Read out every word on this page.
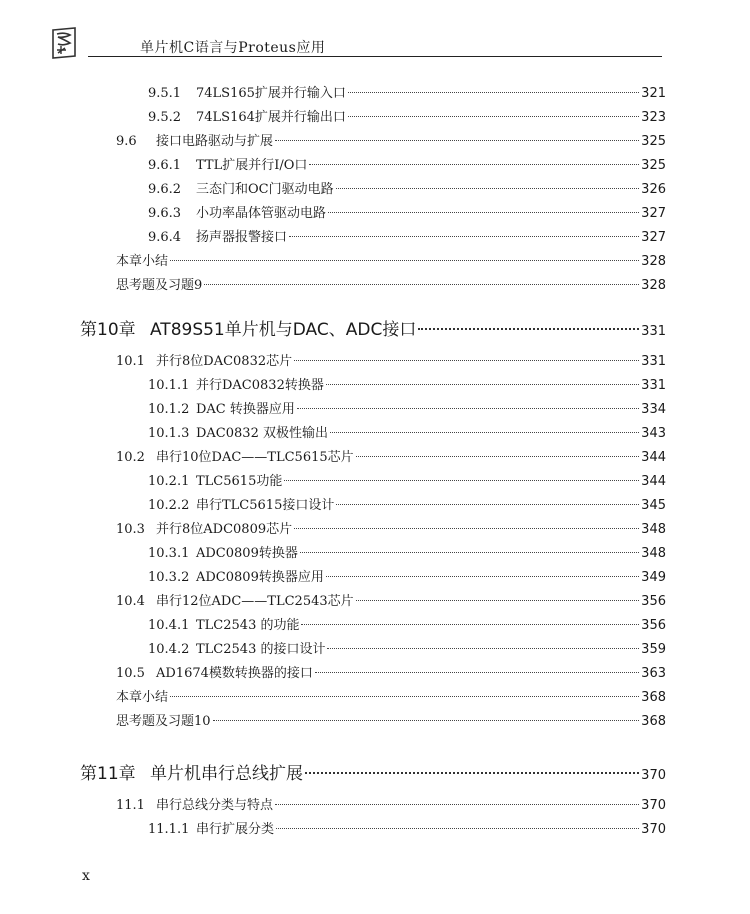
单片机C语言与Proteus应用
9.5.1	74LS165扩展并行输入口	321
9.5.2	74LS164扩展并行输出口	323
9.6	接口电路驱动与扩展	325
9.6.1	TTL扩展并行I/O口	325
9.6.2	三态门和OC门驱动电路	326
9.6.3	小功率晶体管驱动电路	327
9.6.4	扬声器报警接口	327
本章小结	328
思考题及习题9	328
第10章 AT89S51单片机与DAC、ADC接口	331
10.1 并行8位DAC0832芯片	331
10.1.1 并行DAC0832转换器	331
10.1.2 DAC 转换器应用	334
10.1.3 DAC0832 双极性输出	343
10.2 串行10位DAC——TLC5615芯片	344
10.2.1 TLC5615功能	344
10.2.2 串行TLC5615接口设计	345
10.3 并行8位ADC0809芯片	348
10.3.1 ADC0809转换器	348
10.3.2 ADC0809转换器应用	349
10.4 串行12位ADC——TLC2543芯片	356
10.4.1 TLC2543 的功能	356
10.4.2 TLC2543 的接口设计	359
10.5 AD1674模数转换器的接口	363
本章小结	368
思考题及习题10	368
第11章 单片机串行总线扩展	370
11.1 串行总线分类与特点	370
11.1.1 串行扩展分类	370
x
